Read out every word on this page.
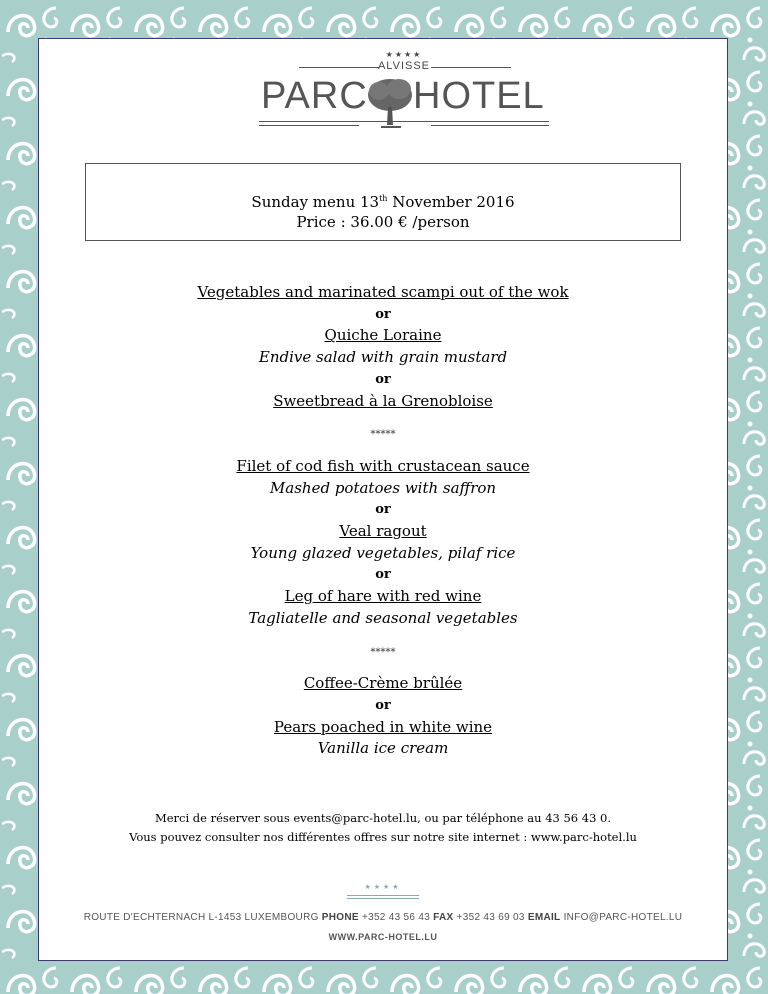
★★★★
ALVISSE
PARC HOTEL
Sunday menu 13th November 2016
Price : 36.00 € /person
Vegetables and marinated scampi out of the wok
or
Quiche Loraine
Endive salad with grain mustard
or
Sweetbread à la Grenobloise
*****
Filet of cod fish with crustacean sauce
Mashed potatoes with saffron
or
Veal ragout
Young glazed vegetables, pilaf rice
or
Leg of hare with red wine
Tagliatelle and seasonal vegetables
*****
Coffee-Crème brûlée
or
Pears poached in white wine
Vanilla ice cream
Merci de réserver sous events@parc-hotel.lu, ou par téléphone au 43 56 43 0.
Vous pouvez consulter nos différentes offres sur notre site internet : www.parc-hotel.lu
★★★★
ROUTE D'ECHTERNACH L-1453 LUXEMBOURG PHONE +352 43 56 43 FAX +352 43 69 03 EMAIL INFO@PARC-HOTEL.LU
WWW.PARC-HOTEL.LU
